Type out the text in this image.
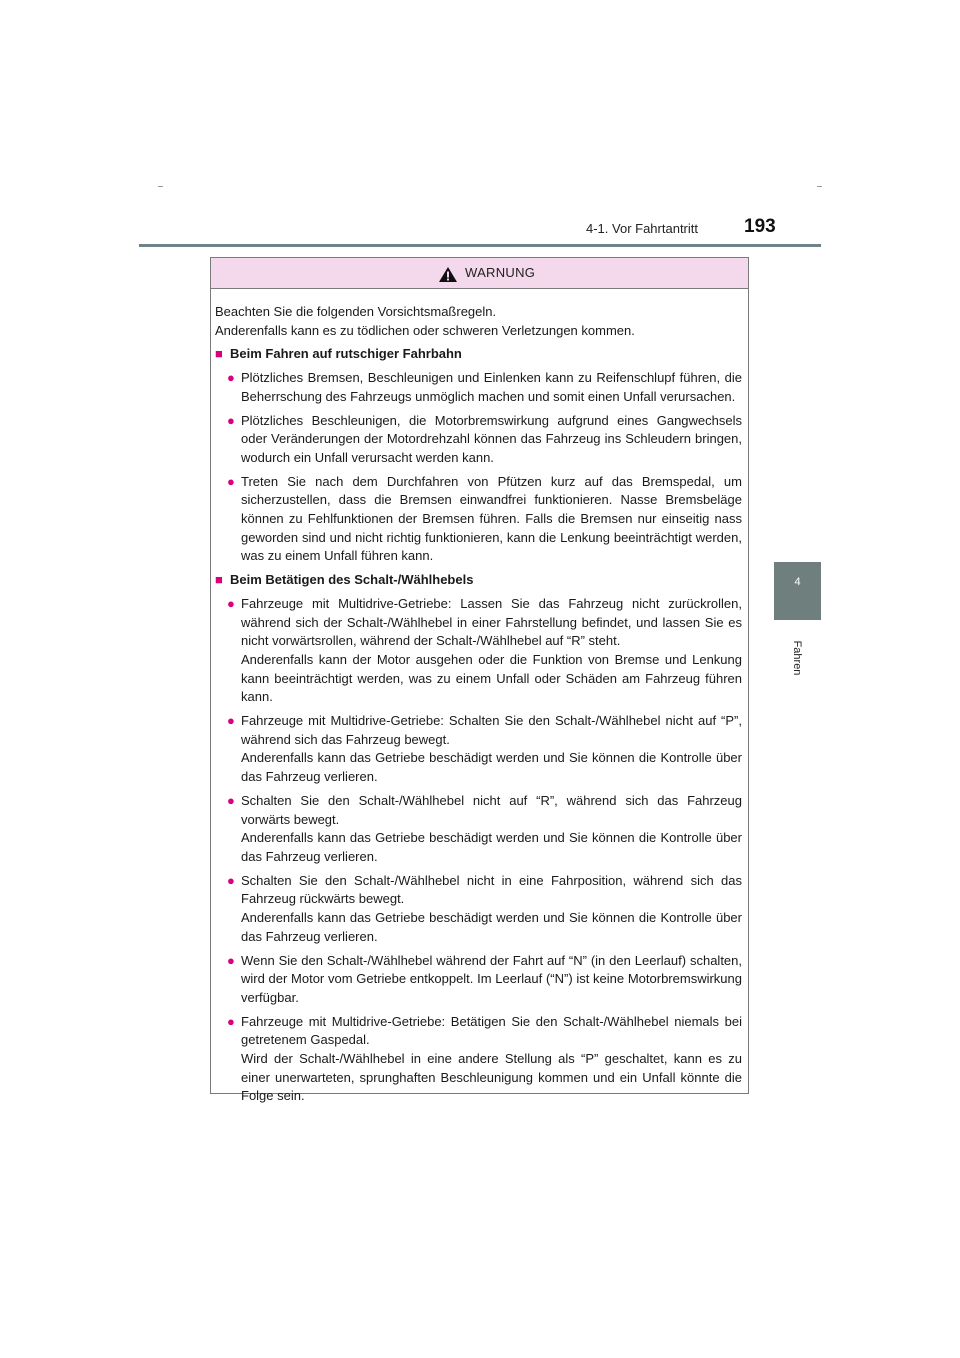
4-1. Vor Fahrtantritt 193
4
Fahren
WARNUNG

Beachten Sie die folgenden Vorsichtsmaßregeln.

Anderenfalls kann es zu tödlichen oder schweren Verletzungen kommen.

■ Beim Fahren auf rutschiger Fahrbahn
● Plötzliches Bremsen, Beschleunigen und Einlenken kann zu Reifenschlupf führen, die Beherrschung des Fahrzeugs unmöglich machen und somit einen Unfall verursachen.

● Plötzliches Beschleunigen, die Motorbremswirkung aufgrund eines Gangwechsels oder Veränderungen der Motordrehzahl können das Fahrzeug ins Schleudern bringen, wodurch ein Unfall verursacht werden kann.

● Treten Sie nach dem Durchfahren von Pfützen kurz auf das Bremspedal, um sicherzustellen, dass die Bremsen einwandfrei funktionieren. Nasse Bremsbeläge können zu Fehlfunktionen der Bremsen führen. Falls die Bremsen nur einseitig nass geworden sind und nicht richtig funktionieren, kann die Lenkung beeinträchtigt werden, was zu einem Unfall führen kann.

■ Beim Betätigen des Schalt-/Wählhebels
● Fahrzeuge mit Multidrive-Getriebe: Lassen Sie das Fahrzeug nicht zurückrollen, während sich der Schalt-/Wählhebel in einer Fahrstellung befindet, und lassen Sie es nicht vorwärtsrollen, während der Schalt-/Wählhebel auf “R” steht.

Anderenfalls kann der Motor ausgehen oder die Funktion von Bremse und Lenkung kann beeinträchtigt werden, was zu einem Unfall oder Schäden am Fahrzeug führen kann.

● Fahrzeuge mit Multidrive-Getriebe: Schalten Sie den Schalt-/Wählhebel nicht auf “P”, während sich das Fahrzeug bewegt.

Anderenfalls kann das Getriebe beschädigt werden und Sie können die Kontrolle über das Fahrzeug verlieren.

● Schalten Sie den Schalt-/Wählhebel nicht auf “R”, während sich das Fahrzeug vorwärts bewegt.

Anderenfalls kann das Getriebe beschädigt werden und Sie können die Kontrolle über das Fahrzeug verlieren.

● Schalten Sie den Schalt-/Wählhebel nicht in eine Fahrposition, während sich das Fahrzeug rückwärts bewegt.

Anderenfalls kann das Getriebe beschädigt werden und Sie können die Kontrolle über das Fahrzeug verlieren.

● Wenn Sie den Schalt-/Wählhebel während der Fahrt auf “N” (in den Leerlauf) schalten, wird der Motor vom Getriebe entkoppelt. Im Leerlauf (“N”) ist keine Motorbremswirkung verfügbar.

● Fahrzeuge mit Multidrive-Getriebe: Betätigen Sie den Schalt-/Wählhebel niemals bei getretenem Gaspedal.

Wird der Schalt-/Wählhebel in eine andere Stellung als “P” geschaltet, kann es zu einer unerwarteten, sprunghaften Beschleunigung kommen und ein Unfall könnte die Folge sein.
